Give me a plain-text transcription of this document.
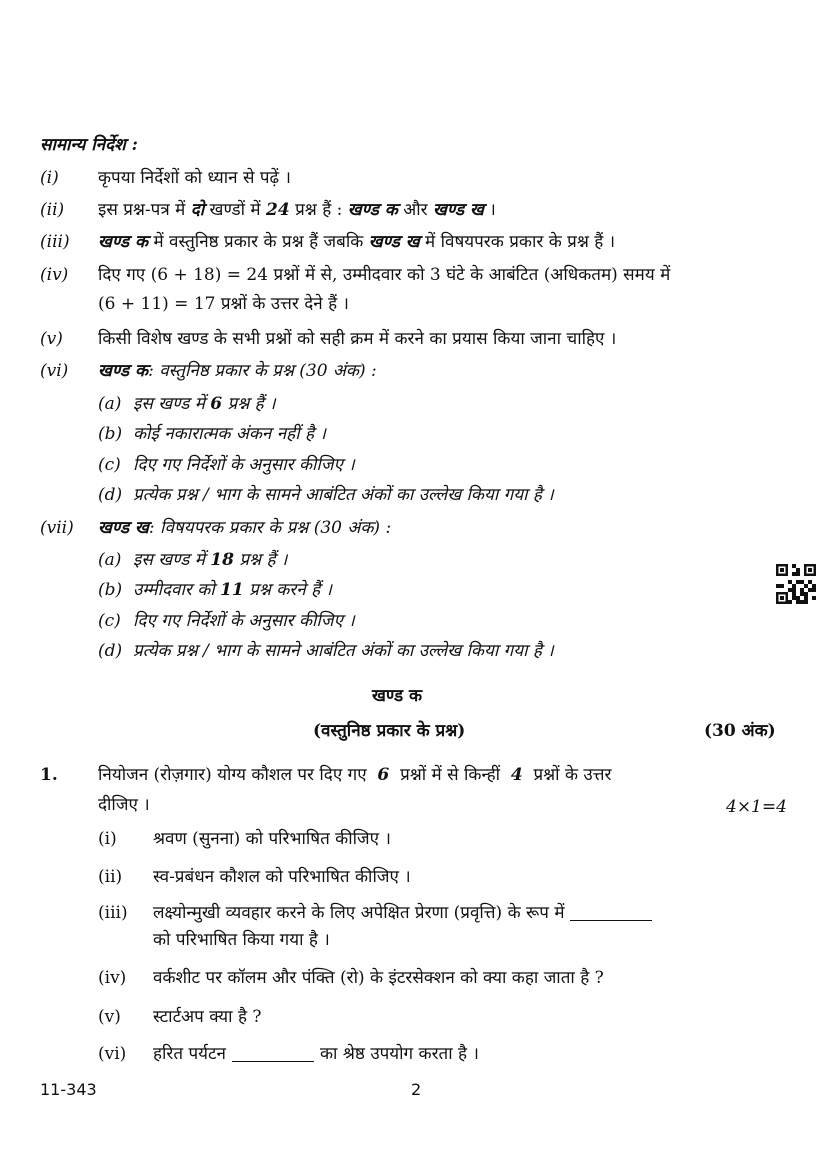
सामान्य निर्देश :
(i) कृपया निर्देशों को ध्यान से पढ़ें ।
(ii) इस प्रश्न-पत्र में दो खण्डों में 24 प्रश्न हैं : खण्ड क और खण्ड ख ।
(iii) खण्ड क में वस्तुनिष्ठ प्रकार के प्रश्न हैं जबकि खण्ड ख में विषयपरक प्रकार के प्रश्न हैं ।
(iv) दिए गए (6 + 18) = 24 प्रश्नों में से, उम्मीदवार को 3 घंटे के आबंटित (अधिकतम) समय में
(6 + 11) = 17 प्रश्नों के उत्तर देने हैं ।
(v) किसी विशेष खण्ड के सभी प्रश्नों को सही क्रम में करने का प्रयास किया जाना चाहिए ।
(vi) खण्ड क: वस्तुनिष्ठ प्रकार के प्रश्न (30 अंक) :
(a) इस खण्ड में 6 प्रश्न हैं ।
(b) कोई नकारात्मक अंकन नहीं है ।
(c) दिए गए निर्देशों के अनुसार कीजिए ।
(d) प्रत्येक प्रश्न / भाग के सामने आबंटित अंकों का उल्लेख किया गया है ।
(vii) खण्ड ख: विषयपरक प्रकार के प्रश्न (30 अंक) :
(a) इस खण्ड में 18 प्रश्न हैं ।
(b) उम्मीदवार को 11 प्रश्न करने हैं ।
(c) दिए गए निर्देशों के अनुसार कीजिए ।
(d) प्रत्येक प्रश्न / भाग के सामने आबंटित अंकों का उल्लेख किया गया है ।
खण्ड क
(वस्तुनिष्ठ प्रकार के प्रश्न)	(30 अंक)
1. नियोजन (रोज़गार) योग्य कौशल पर दिए गए 6 प्रश्नों में से किन्हीं 4 प्रश्नों के उत्तर
दीजिए ।	4×1=4
(i) श्रवण (सुनना) को परिभाषित कीजिए ।
(ii) स्व-प्रबंधन कौशल को परिभाषित कीजिए ।
(iii) लक्ष्योन्मुखी व्यवहार करने के लिए अपेक्षित प्रेरणा (प्रवृत्ति) के रूप में
को परिभाषित किया गया है ।
(iv) वर्कशीट पर कॉलम और पंक्ति (रो) के इंटरसेक्शन को क्या कहा जाता है ?
(v) स्टार्टअप क्या है ?
(vi) हरित पर्यटन	का श्रेष्ठ उपयोग करता है ।
11-343	2
